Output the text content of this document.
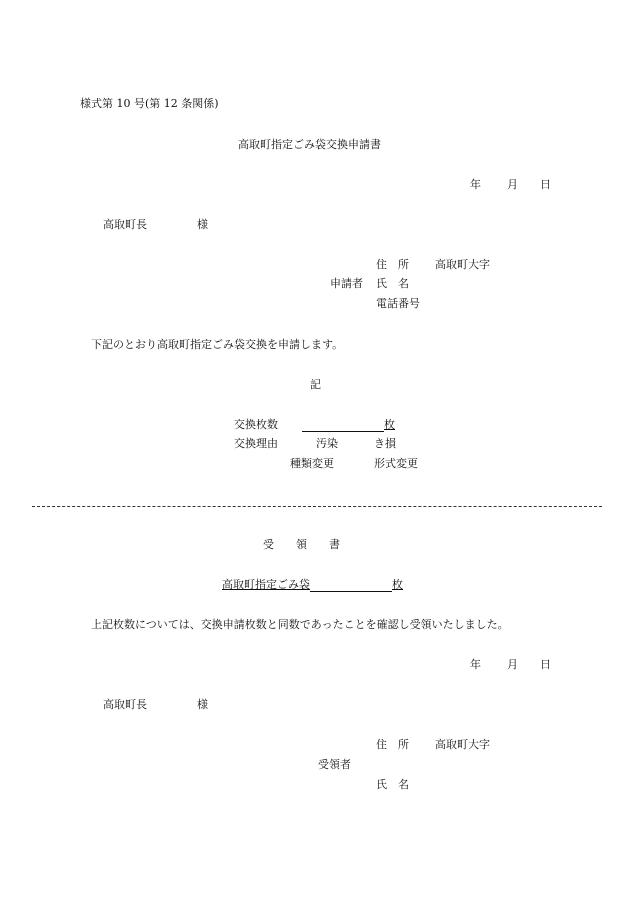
様式第 10 号(第 12 条関係)
高取町指定ごみ袋交換申請書
年 月 日
高取町長	様
住　所 高取町大字
申請者 氏　名
電話番号
下記のとおり高取町指定ごみ袋交換を申請します。
記
交換枚数	枚
交換理由	汚染	き損
種類変更	形式変更
受　　領　　書
高取町指定ごみ袋	枚
上記枚数については、交換申請枚数と同数であったことを確認し受領いたしました。
年 月 日
高取町長	様
住　所 高取町大字
受領者
氏　名
